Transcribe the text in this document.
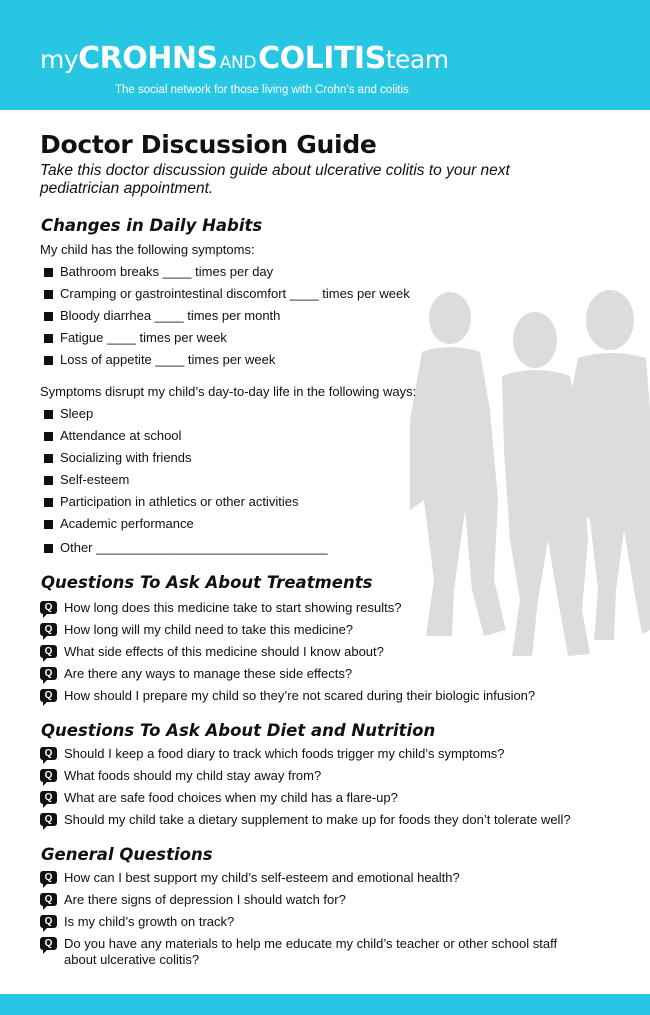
myCROHNS ANDCOLITISteam
The social network for those living with Crohn’s and colitis
Doctor Discussion Guide

Take this doctor discussion guide about ulcerative colitis to your next pediatrician appointment.

Changes in Daily Habits
My child has the following symptoms:
Bathroom breaks ____ times per day
Cramping or gastrointestinal discomfort ____ times per week
Bloody diarrhea ____ times per month
Fatigue ____ times per week
Loss of appetite ____ times per week
Symptoms disrupt my child’s day-to-day life in the following ways:
Sleep
Attendance at school
Socializing with friends
Self-esteem
Participation in athletics or other activities
Academic performance
Other ________________________________
Questions To Ask About Treatments
Q How long does this medicine take to start showing results?
Q How long will my child need to take this medicine?
Q What side effects of this medicine should I know about?
Q Are there any ways to manage these side effects?
Q How should I prepare my child so they’re not scared during their biologic infusion?
Questions To Ask About Diet and Nutrition
Q Should I keep a food diary to track which foods trigger my child’s symptoms?
Q What foods should my child stay away from?
Q What are safe food choices when my child has a flare-up?
Q Should my child take a dietary supplement to make up for foods they don’t tolerate well?
General Questions
Q How can I best support my child’s self-esteem and emotional health?
Q Are there signs of depression I should watch for?
Q Is my child’s growth on track?
Q Do you have any materials to help me educate my child’s teacher or other school staff about ulcerative colitis?
